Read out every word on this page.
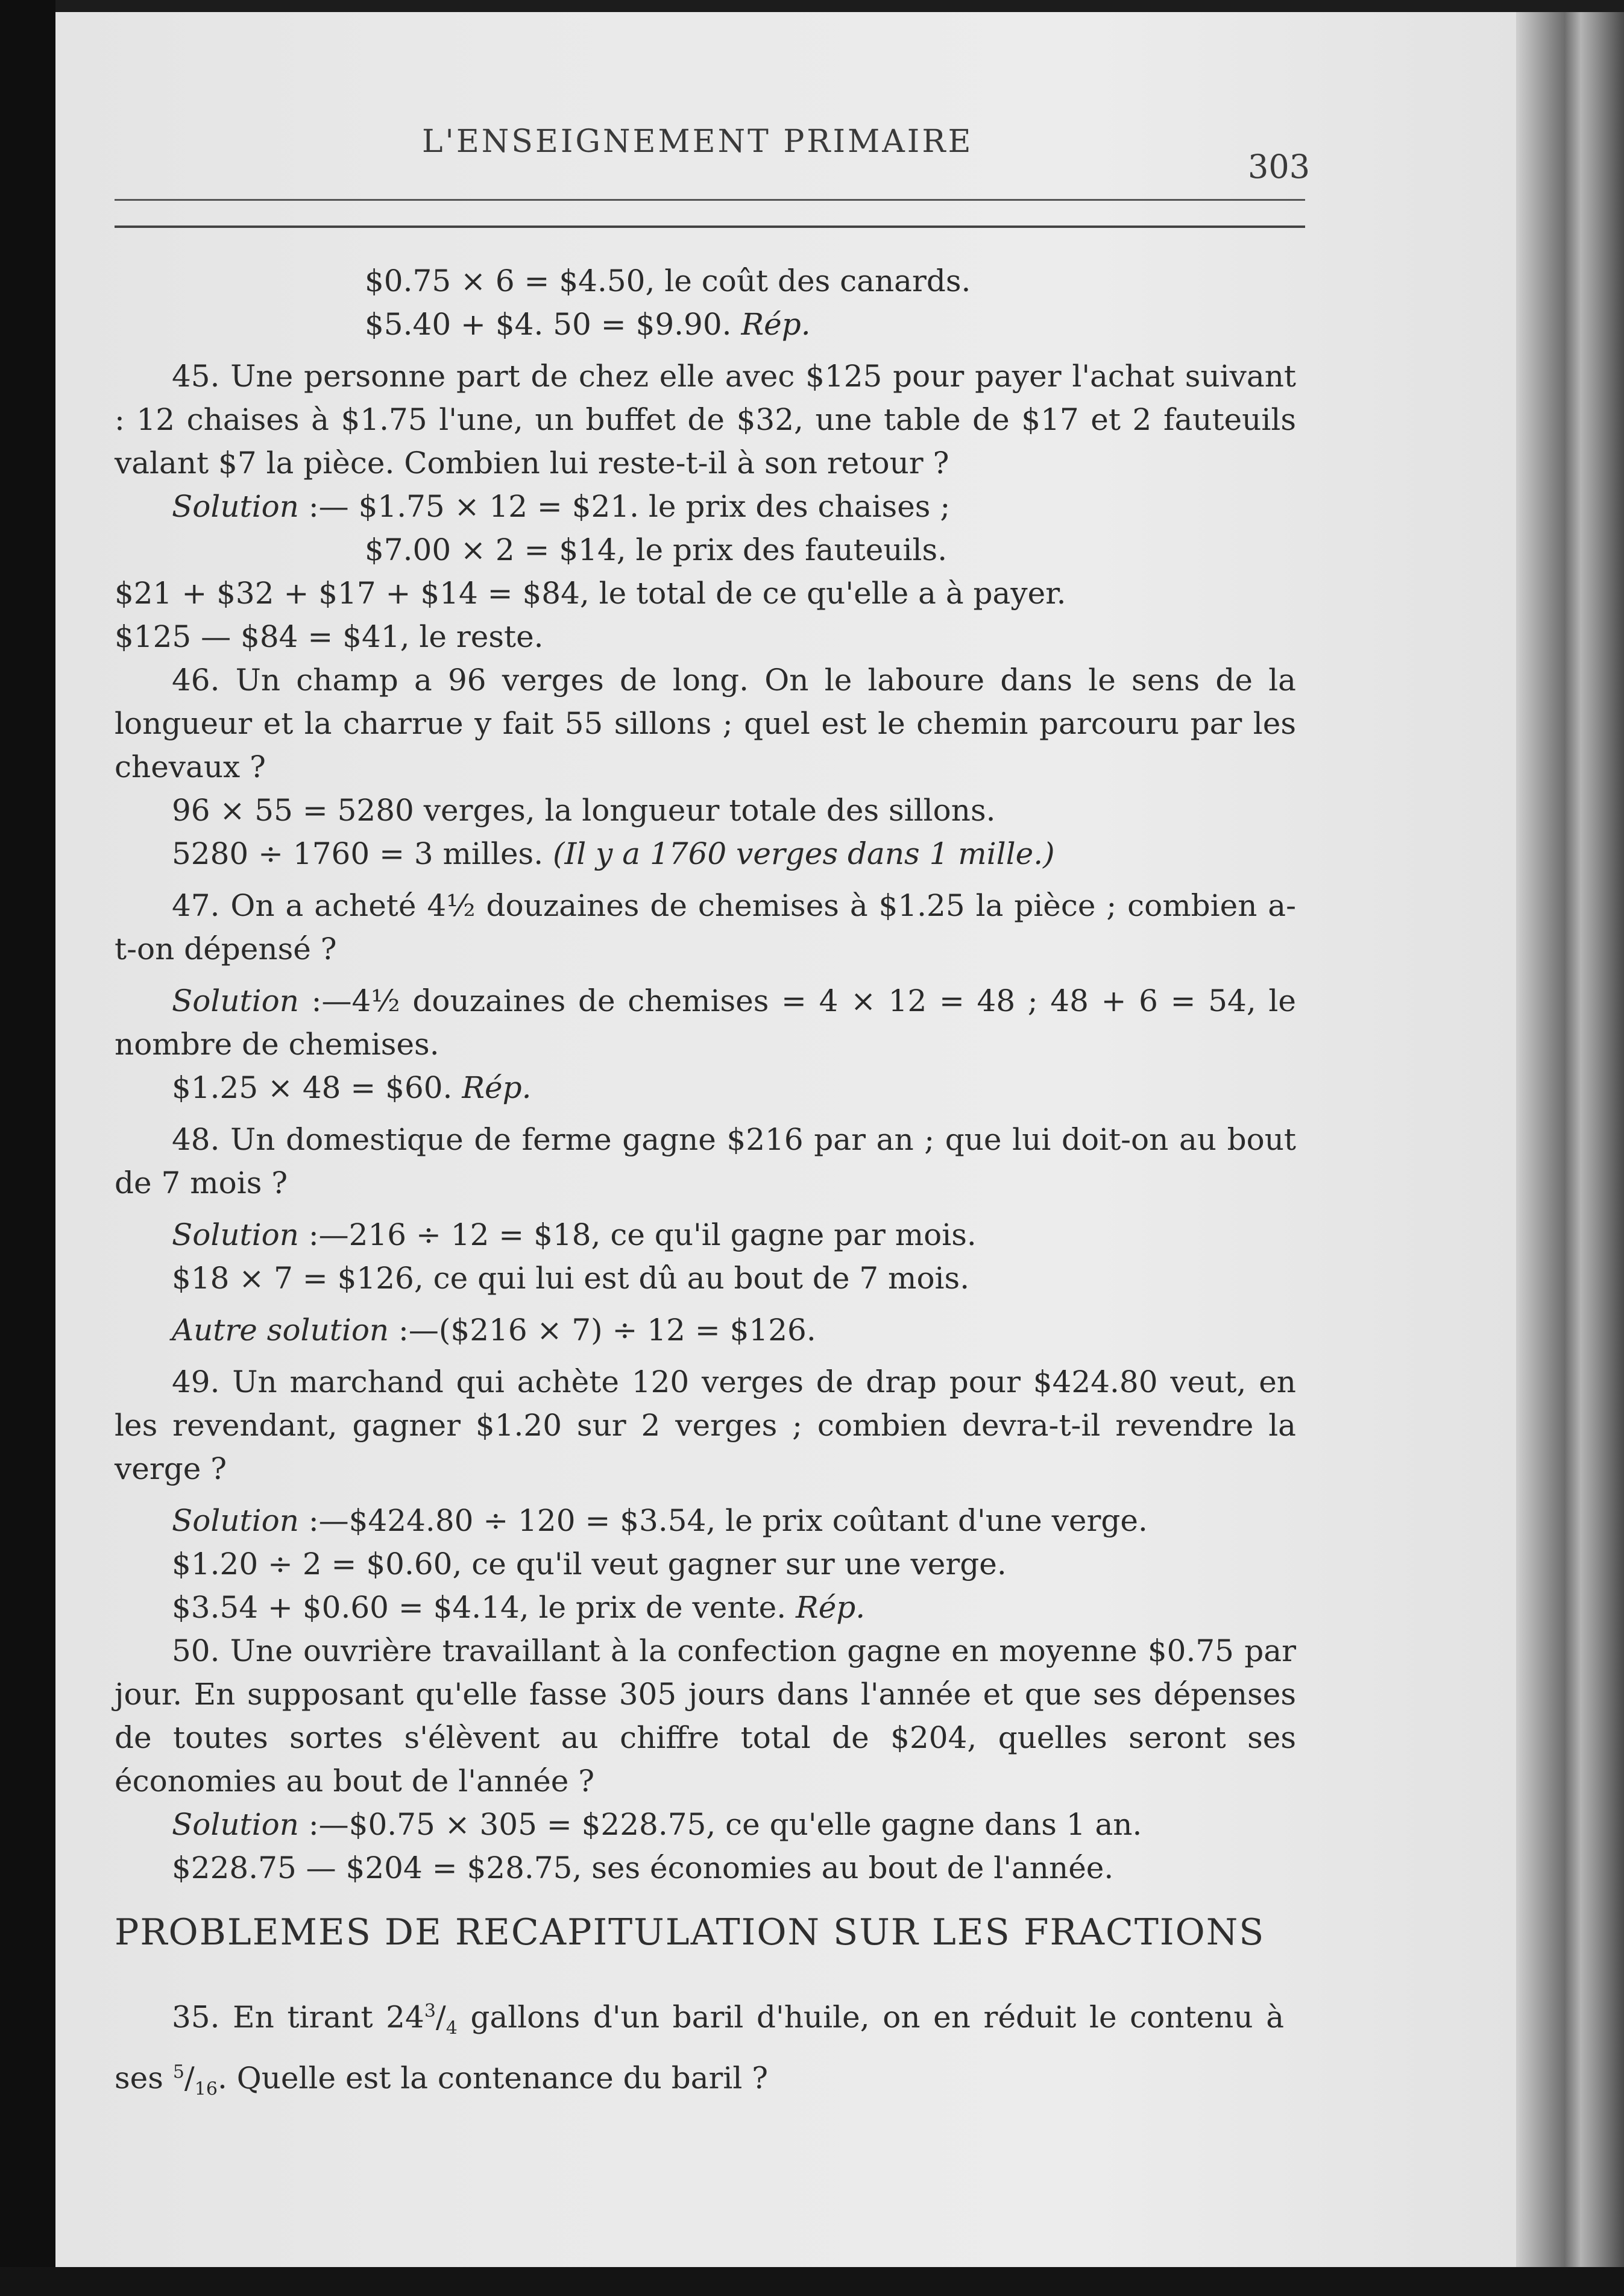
L'ENSEIGNEMENT PRIMAIRE
303
$0.75 × 6 = $4.50, le coût des canards.
$5.40 + $4. 50 = $9.90. Rép.
45. Une personne part de chez elle avec $125 pour payer l'achat suivant : 12 chaises à $1.75 l'une, un buffet de $32, une table de $17 et 2 fauteuils valant $7 la pièce. Combien lui reste-t-il à son retour ?
Solution :— $1.75 × 12 = $21. le prix des chaises ;
$7.00 × 2 = $14, le prix des fauteuils.
$21 + $32 + $17 + $14 = $84, le total de ce qu'elle a à payer.
$125 — $84 = $41, le reste.
46. Un champ a 96 verges de long. On le laboure dans le sens de la longueur et la charrue y fait 55 sillons ; quel est le chemin parcouru par les chevaux ?
96 × 55 = 5280 verges, la longueur totale des sillons.
5280 ÷ 1760 = 3 milles. (Il y a 1760 verges dans 1 mille.)
47. On a acheté 4½ douzaines de chemises à $1.25 la pièce ; combien a-t-on dépensé ?
Solution :—4½ douzaines de chemises = 4 × 12 = 48 ; 48 + 6 = 54, le nombre de chemises.
$1.25 × 48 = $60. Rép.
48. Un domestique de ferme gagne $216 par an ; que lui doit-on au bout de 7 mois ?
Solution :—216 ÷ 12 = $18, ce qu'il gagne par mois.
$18 × 7 = $126, ce qui lui est dû au bout de 7 mois.
Autre solution :—($216 × 7) ÷ 12 = $126.
49. Un marchand qui achète 120 verges de drap pour $424.80 veut, en les revendant, gagner $1.20 sur 2 verges ; combien devra-t-il revendre la verge ?
Solution :—$424.80 ÷ 120 = $3.54, le prix coûtant d'une verge.
$1.20 ÷ 2 = $0.60, ce qu'il veut gagner sur une verge.
$3.54 + $0.60 = $4.14, le prix de vente. Rép.
50. Une ouvrière travaillant à la confection gagne en moyenne $0.75 par jour. En supposant qu'elle fasse 305 jours dans l'année et que ses dépenses de toutes sortes s'élèvent au chiffre total de $204, quelles seront ses économies au bout de l'année ?
Solution :—$0.75 × 305 = $228.75, ce qu'elle gagne dans 1 an.
$228.75 — $204 = $28.75, ses économies au bout de l'année.
PROBLEMES DE RECAPITULATION SUR LES FRACTIONS
35. En tirant $24^3/_4$ gallons d'un baril d'huile, on en réduit le contenu à ses $^5/_{16}$. Quelle est la contenance du baril ?
